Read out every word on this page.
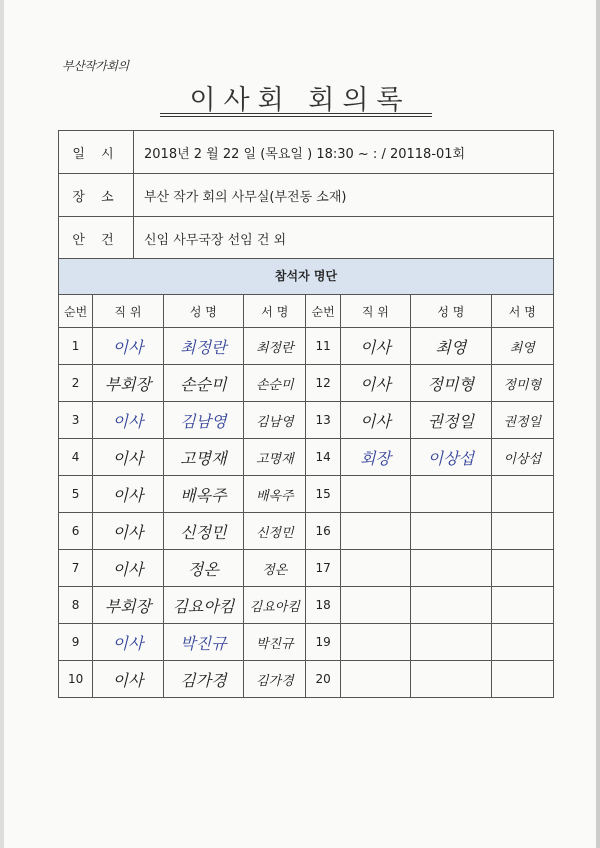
부산작가회의
이사회 회의록
일 시	2018년 2 월 22 일 (목요일 ) 18:30 ~ : / 20118-01회
장 소	부산 작가 회의 사무실(부전동 소재)
안 건	신임 사무국장 선임 건 외
참석자 명단
순번	직 위	성 명	서 명	순번	직 위	성 명	서 명
1	이사	최정란	최정란	11	이사	최영	최영
2	부회장	손순미	손순미	12	이사	정미형	정미형
3	이사	김남영	김남영	13	이사	권정일	권정일
4	이사	고명재	고명재	14	회장	이상섭	이상섭
5	이사	배옥주	배옥주	15			
6	이사	신정민	신정민	16			
7	이사	정온	정온	17			
8	부회장	김요아킴	김요아킴	18			
9	이사	박진규	박진규	19			
10	이사	김가경	김가경	20			
